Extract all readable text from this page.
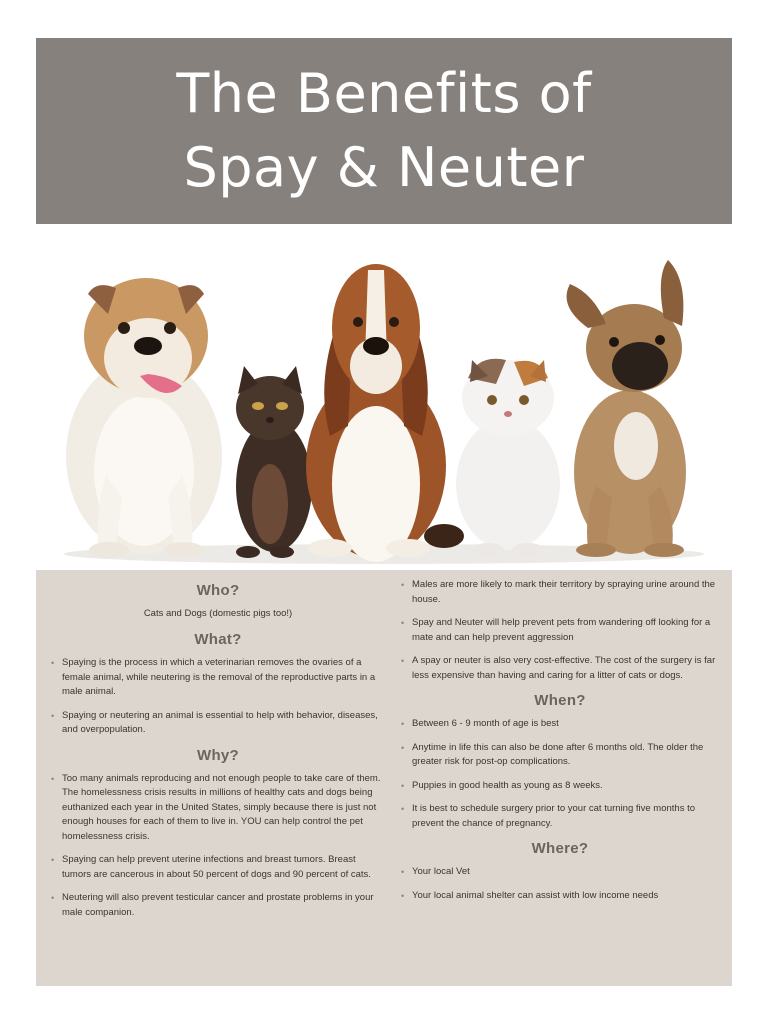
The Benefits of
Spay & Neuter
Who?

Cats and Dogs (domestic pigs too!)

What?
• Spaying is the process in which a veterinarian removes the ovaries of a female animal, while neutering is the removal of the reproductive parts in a male animal.
• Spaying or neutering an animal is essential to help with behavior, diseases, and overpopulation.
Why?
• Too many animals reproducing and not enough people to take care of them. The homelessness crisis results in millions of healthy cats and dogs being euthanized each year in the United States, simply because there is just not enough houses for each of them to live in. YOU can help control the pet homelessness crisis.
• Spaying can help prevent uterine infections and breast tumors. Breast tumors are cancerous in about 50 percent of dogs and 90 percent of cats.
• Neutering will also prevent testicular cancer and prostate problems in your male companion.
• Males are more likely to mark their territory by spraying urine around the house.
• Spay and Neuter will help prevent pets from wandering off looking for a mate and can help prevent aggression
• A spay or neuter is also very cost-effective. The cost of the surgery is far less expensive than having and caring for a litter of cats or dogs.
When?
• Between 6 - 9 month of age is best
• Anytime in life this can also be done after 6 months old. The older the greater risk for post-op complications.
• Puppies in good health as young as 8 weeks.
• It is best to schedule surgery prior to your cat turning five months to prevent the chance of pregnancy.
Where?
• Your local Vet
• Your local animal shelter can assist with low income needs
